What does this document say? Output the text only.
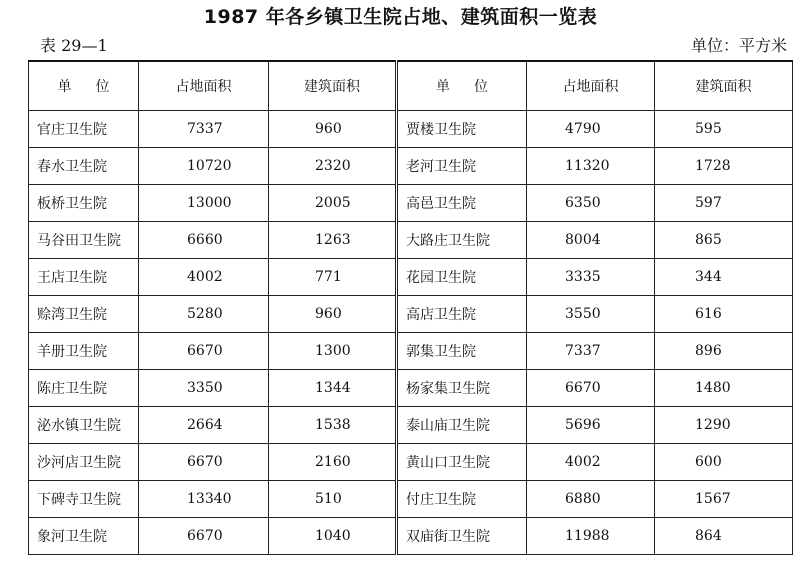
1987 年各乡镇卫生院占地、建筑面积一览表
表 29—1	单位：平方米
单位	占地面积	建筑面积	单位	占地面积	建筑面积
官庄卫生院	7337	960	贾楼卫生院	4790	595
春水卫生院	10720	2320	老河卫生院	11320	1728
板桥卫生院	13000	2005	高邑卫生院	6350	597
马谷田卫生院	6660	1263	大路庄卫生院	8004	865
王店卫生院	4002	771	花园卫生院	3335	344
赊湾卫生院	5280	960	高店卫生院	3550	616
羊册卫生院	6670	1300	郭集卫生院	7337	896
陈庄卫生院	3350	1344	杨家集卫生院	6670	1480
泌水镇卫生院	2664	1538	泰山庙卫生院	5696	1290
沙河店卫生院	6670	2160	黄山口卫生院	4002	600
下碑寺卫生院	13340	510	付庄卫生院	6880	1567
象河卫生院	6670	1040	双庙街卫生院	11988	864
